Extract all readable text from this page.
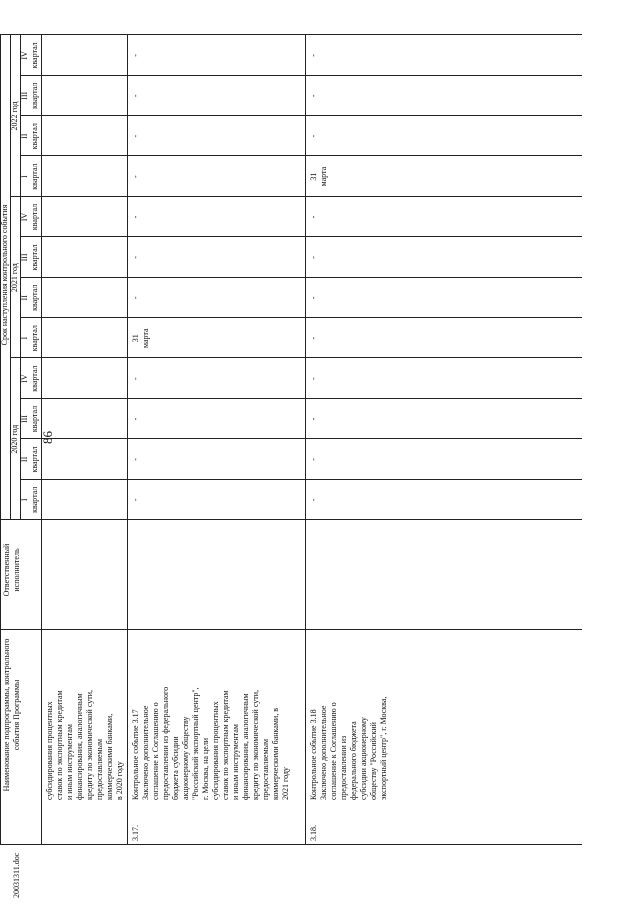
20031311.doc
Наименование подпрограммы, контрольного события Программы
Ответственный исполнитель
Срок наступления контрольного события
2020 год
2021 год
2022 год
I квартал
II квартал
III квартал
IV квартал
I квартал
II квартал
III квартал
IV квартал
I квартал
II квартал
III квартал
IV квартал
субсидирования процентных
ставок по экспортным кредитам
и иным инструментам
финансирования, аналогичным
кредиту по экономической сути,
предоставляемым
коммерческими банками,
в 2020 году
3.17.
Контрольное событие 3.17
Заключено дополнительное
соглашение к Соглашению о
предоставлении из федерального
бюджета субсидии
акционерному обществу
"Российский экспортный центр",
г. Москва, на цели
субсидирования процентных
ставок по экспортным кредитам
и иным инструментам
финансирования, аналогичным
кредиту по экономической сути,
предоставляемым
коммерческими банками, в
2021 году
-
-
-
-
31 марта
-
-
-
-
-
-
-
3.18.
Контрольное событие 3.18
Заключено дополнительное
соглашение к Соглашению о
предоставлении из
федерального бюджета
субсидии акционерному
обществу "Российский
экспортный центр", г. Москва,
-
-
-
-
-
-
-
-
31 марта
-
-
-
